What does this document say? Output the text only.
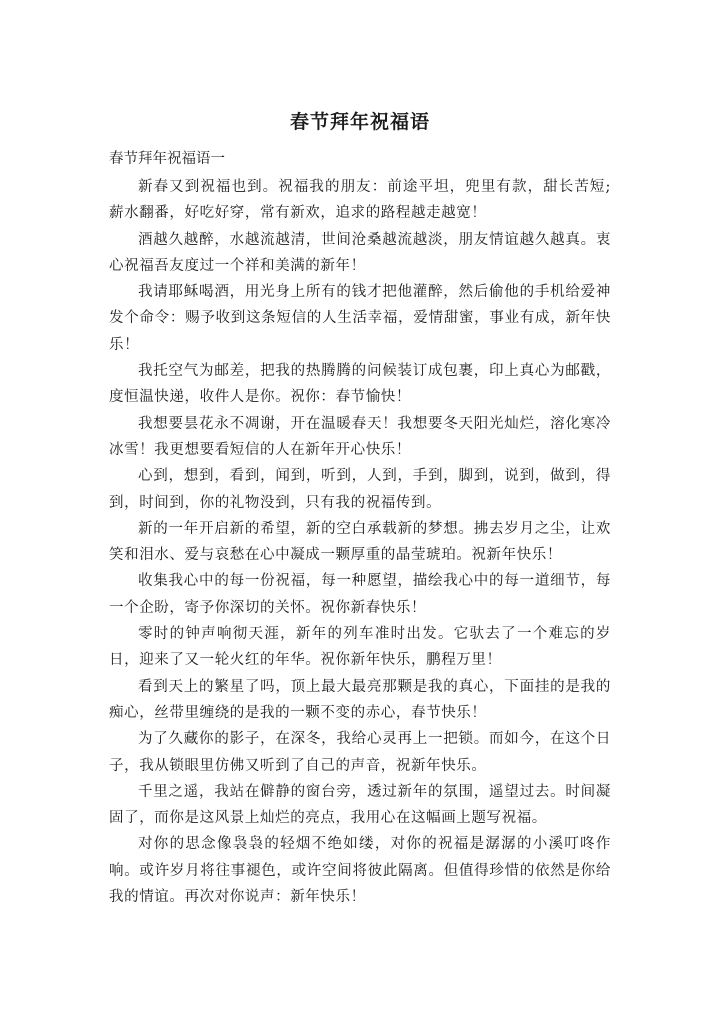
春节拜年祝福语

春节拜年祝福语一

新春又到祝福也到。祝福我的朋友：前途平坦，兜里有款，甜长苦短;薪水翻番，好吃好穿，常有新欢，追求的路程越走越宽！

酒越久越醉，水越流越清，世间沧桑越流越淡，朋友情谊越久越真。衷心祝福吾友度过一个祥和美满的新年！

我请耶稣喝酒，用光身上所有的钱才把他灌醉，然后偷他的手机给爱神发个命令：赐予收到这条短信的人生活幸福，爱情甜蜜，事业有成，新年快乐！

我托空气为邮差，把我的热腾腾的问候装订成包裹，印上真心为邮戳，度恒温快递，收件人是你。祝你：春节愉快！

我想要昙花永不凋谢，开在温暖春天！我想要冬天阳光灿烂，溶化寒冷冰雪！我更想要看短信的人在新年开心快乐！

心到，想到，看到，闻到，听到，人到，手到，脚到，说到，做到，得到，时间到，你的礼物没到，只有我的祝福传到。

新的一年开启新的希望，新的空白承载新的梦想。拂去岁月之尘，让欢笑和泪水、爱与哀愁在心中凝成一颗厚重的晶莹琥珀。祝新年快乐！

收集我心中的每一份祝福，每一种愿望，描绘我心中的每一道细节，每一个企盼，寄予你深切的关怀。祝你新春快乐！

零时的钟声响彻天涯，新年的列车准时出发。它驮去了一个难忘的岁日，迎来了又一轮火红的年华。祝你新年快乐，鹏程万里！

看到天上的繁星了吗，顶上最大最亮那颗是我的真心，下面挂的是我的痴心，丝带里缠绕的是我的一颗不变的赤心，春节快乐！

为了久藏你的影子，在深冬，我给心灵再上一把锁。而如今，在这个日子，我从锁眼里仿佛又听到了自己的声音，祝新年快乐。

千里之遥，我站在僻静的窗台旁，透过新年的氛围，遥望过去。时间凝固了，而你是这风景上灿烂的亮点，我用心在这幅画上题写祝福。

对你的思念像袅袅的轻烟不绝如缕，对你的祝福是潺潺的小溪叮咚作响。或许岁月将往事褪色，或许空间将彼此隔离。但值得珍惜的依然是你给我的情谊。再次对你说声：新年快乐！
